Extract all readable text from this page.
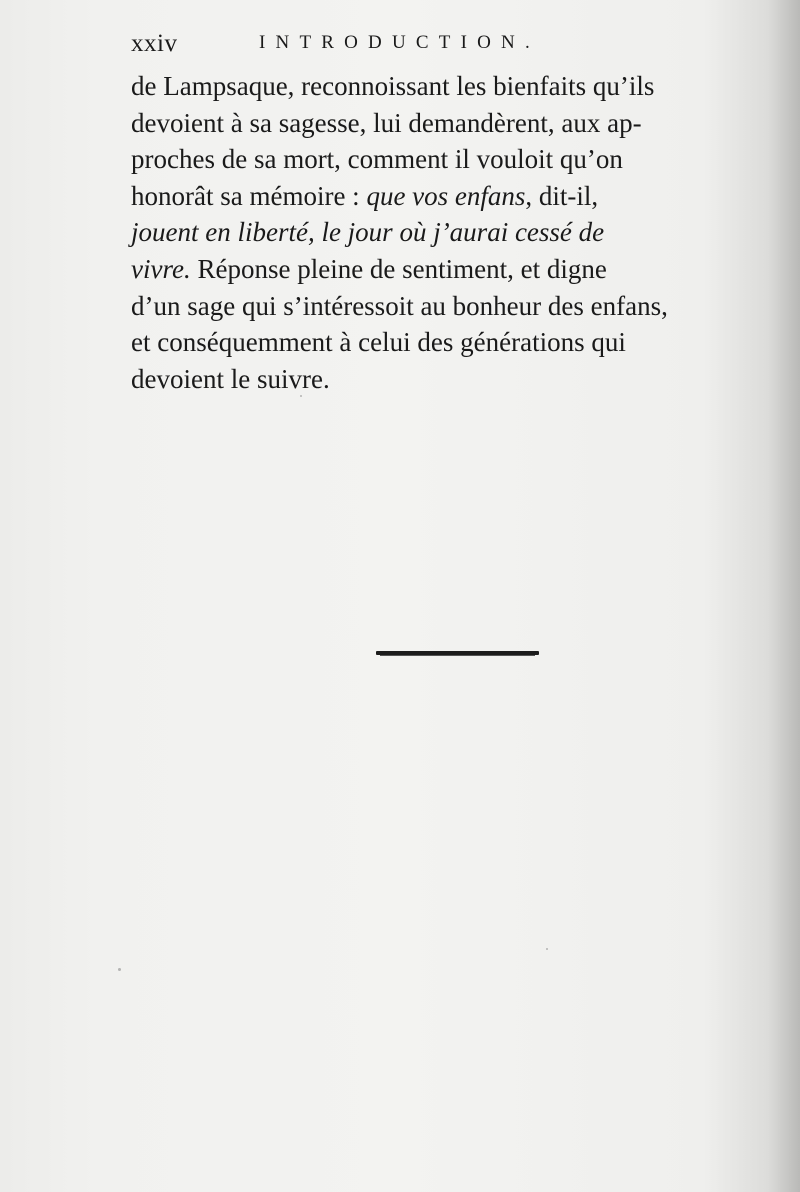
xxiv	INTRODUCTION.
de Lampsaque, reconnoissant les bienfaits qu’ils
devoient à sa sagesse, lui demandèrent, aux ap-
proches de sa mort, comment il vouloit qu’on
honorât sa mémoire : que vos enfans, dit-il,
jouent en liberté, le jour où j’aurai cessé de
vivre. Réponse pleine de sentiment, et digne
d’un sage qui s’intéressoit au bonheur des enfans,
et conséquemment à celui des générations qui
devoient le suivre.
